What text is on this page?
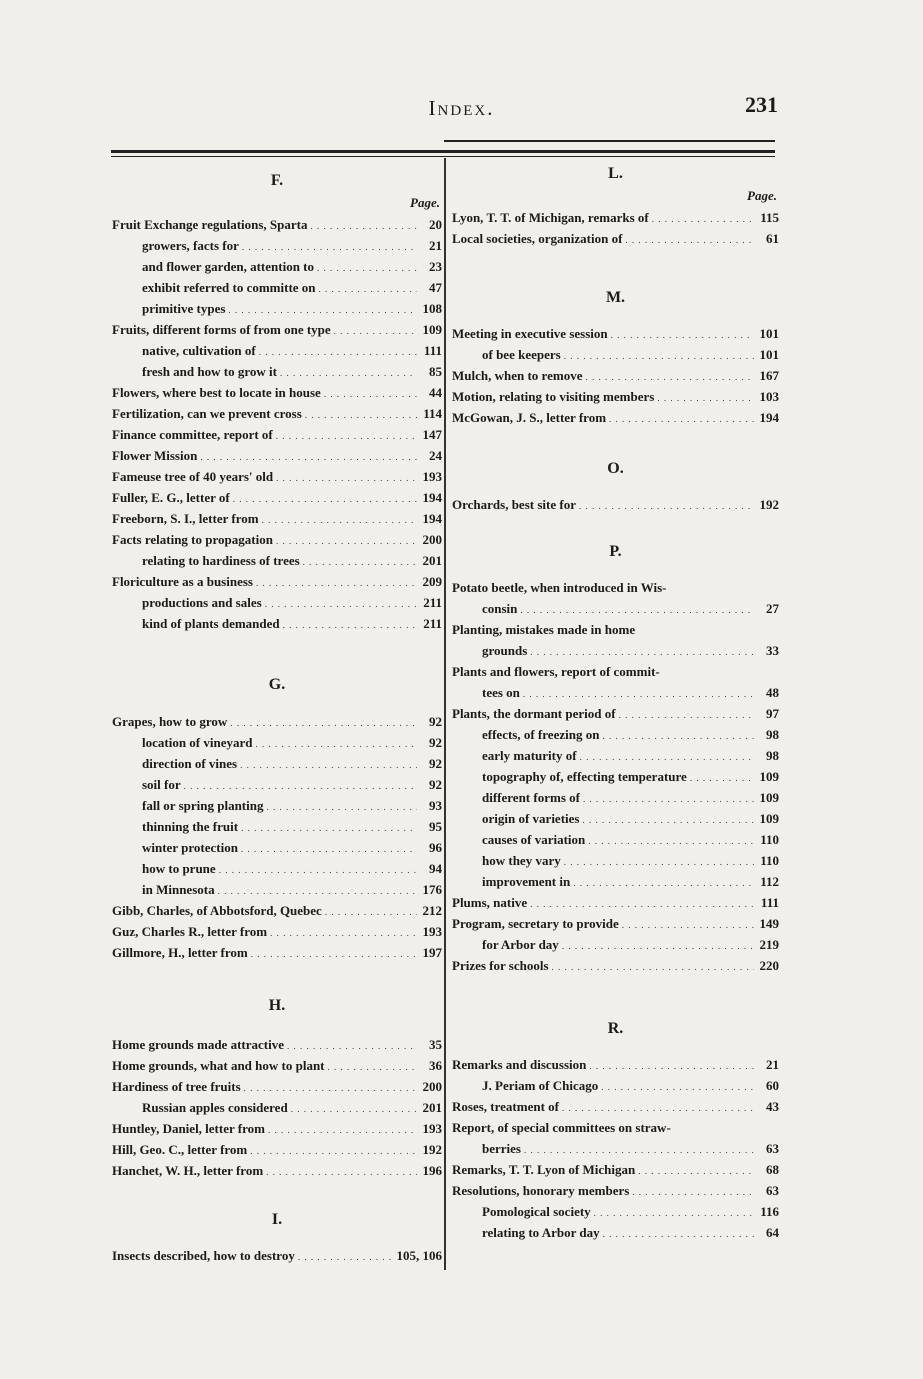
Index.	231
F.
Page.
Fruit Exchange regulations, Sparta . . .	20
growers, facts for . . .	21
and flower garden, attention to . . .	23
exhibit referred to committe on . . .	47
primitive types . . .	108
Fruits, different forms of from one type . . .	109
native, cultivation of . . .	111
fresh and how to grow it . . .	85
Flowers, where best to locate in house . . .	44
Fertilization, can we prevent cross . . .	114
Finance committee, report of . . .	147
Flower Mission . . .	24
Fameuse tree of 40 years' old . . .	193
Fuller, E. G., letter of . . .	194
Freeborn, S. I., letter from . . .	194
Facts relating to propagation . . .	200
relating to hardiness of trees . . .	201
Floriculture as a business . . .	209
productions and sales . . .	211
kind of plants demanded . . .	211
G.
Grapes, how to grow . . .	92
location of vineyard . . .	92
direction of vines . . .	92
soil for . . .	92
fall or spring planting . . .	93
thinning the fruit . . .	95
winter protection . . .	96
how to prune . . .	94
in Minnesota . . .	176
Gibb, Charles, of Abbotsford, Quebec . . .	212
Guz, Charles R., letter from . . .	193
Gillmore, H., letter from . . .	197
H.
Home grounds made attractive . . .	35
Home grounds, what and how to plant . . .	36
Hardiness of tree fruits . . .	200
Russian apples considered . . .	201
Huntley, Daniel, letter from . . .	193
Hill, Geo. C., letter from . . .	192
Hanchet, W. H., letter from . . .	196
I.
Insects described, how to destroy . . .	105, 106
L.
Page.
Lyon, T. T. of Michigan, remarks of . . .	115
Local societies, organization of . . .	61
M.
Meeting in executive session . . .	101
of bee keepers . . .	101
Mulch, when to remove . . .	167
Motion, relating to visiting members . . .	103
McGowan, J. S., letter from . . .	194
O.
Orchards, best site for . . .	192
P.
Potato beetle, when introduced in Wis-
consin . . .	27
Planting, mistakes made in home
grounds . . .	33
Plants and flowers, report of commit-
tees on . . .	48
Plants, the dormant period of . . .	97
effects, of freezing on . . .	98
early maturity of . . .	98
topography of, effecting temperature . . .	109
different forms of . . .	109
origin of varieties . . .	109
causes of variation . . .	110
how they vary . . .	110
improvement in . . .	112
Plums, native . . .	111
Program, secretary to provide . . .	149
for Arbor day . . .	219
Prizes for schools . . .	220
R.
Remarks and discussion . . .	21
J. Periam of Chicago . . .	60
Roses, treatment of . . .	43
Report, of special committees on straw-
berries . . .	63
Remarks, T. T. Lyon of Michigan . . .	68
Resolutions, honorary members . . .	63
Pomological society . . .	116
relating to Arbor day . . .	64
